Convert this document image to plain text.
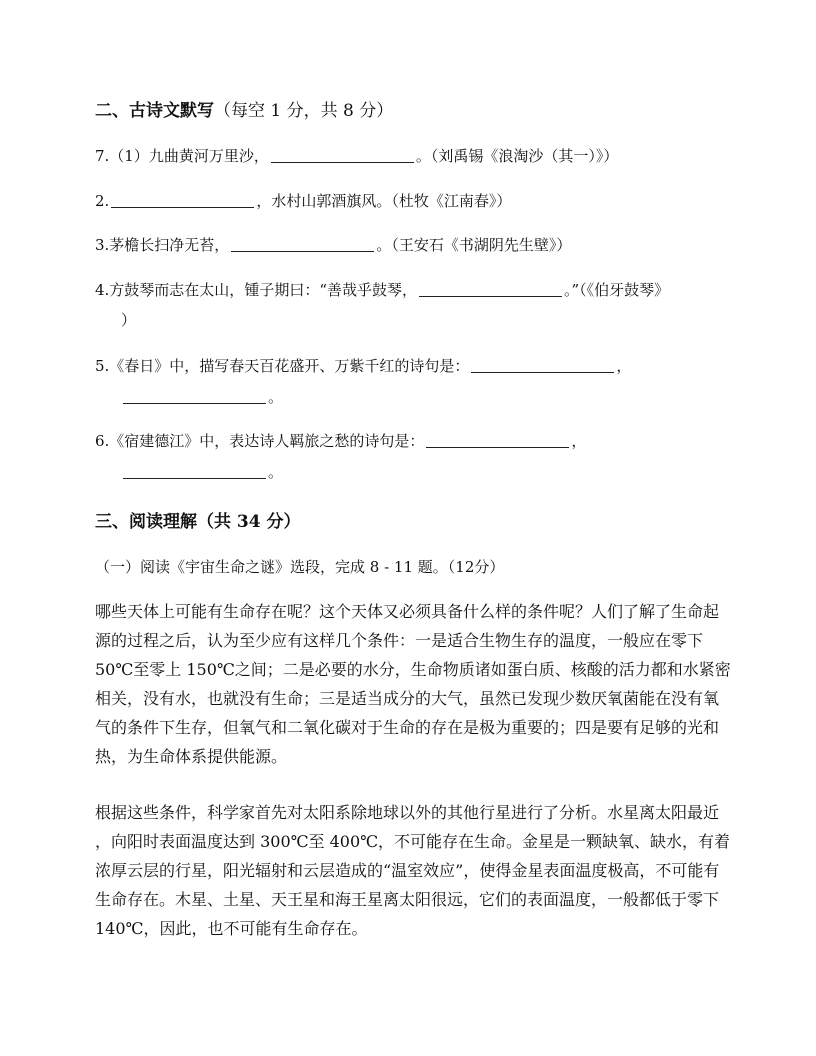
二、古诗文默写（每空 1 分，共 8 分）
7.（1）九曲黄河万里沙，	。（刘禹锡《浪淘沙（其一）》）
2.	，水村山郭酒旗风。（杜牧《江南春》）
3.茅檐长扫净无苔，	。（王安石《书湖阴先生壁》）
4.方鼓琴而志在太山，锺子期曰：“善哉乎鼓琴，	。”（《伯牙鼓琴》
）
5.《春日》中，描写春天百花盛开、万紫千红的诗句是：	，
。
6.《宿建德江》中，表达诗人羁旅之愁的诗句是：	，
。
三、阅读理解（共 34 分）
（一）阅读《宇宙生命之谜》选段，完成 8 - 11 题。（12分）
哪些天体上可能有生命存在呢？这个天体又必须具备什么样的条件呢？人们了解了生命起
源的过程之后，认为至少应有这样几个条件：一是适合生物生存的温度，一般应在零下
50℃至零上 150℃之间；二是必要的水分，生命物质诸如蛋白质、核酸的活力都和水紧密
相关，没有水，也就没有生命；三是适当成分的大气，虽然已发现少数厌氧菌能在没有氧
气的条件下生存，但氧气和二氧化碳对于生命的存在是极为重要的；四是要有足够的光和
热，为生命体系提供能源。
根据这些条件，科学家首先对太阳系除地球以外的其他行星进行了分析。水星离太阳最近
，向阳时表面温度达到 300℃至 400℃，不可能存在生命。金星是一颗缺氧、缺水，有着
浓厚云层的行星，阳光辐射和云层造成的“温室效应”，使得金星表面温度极高，不可能有
生命存在。木星、土星、天王星和海王星离太阳很远，它们的表面温度，一般都低于零下
140℃，因此，也不可能有生命存在。
